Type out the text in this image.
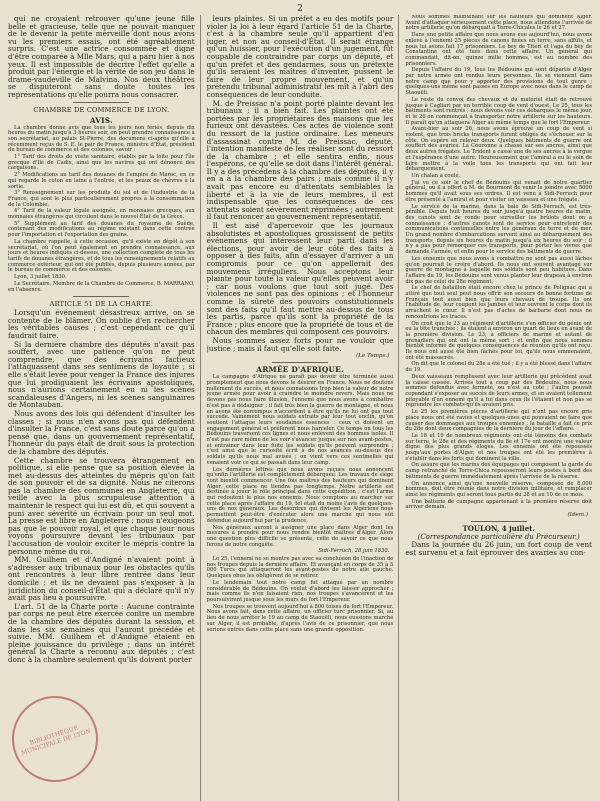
2

qui ne croyaient retrouver qu'une jeune fille belle et gracieuse, telle que ne pouvait manquer de le devenir la petite merveille dont nous avons vu les premiers essais, ont été agréablement surpris. C'est une actrice consommée et digne d'être comparée à Mlle Mars, qui a paru hier à nos yeux. Il est impossible de décrire l'effet qu'elle a produit par l'énergie et la vérité de son jeu dans le drame-vaudeville de Malvina. Nos deux théâtres se disputeront sans doute toutes les représentations qu'elle pourra nous consacrer.

CHAMBRE DE COMMERCE DE LYON.
AVIS.

La chambre donne avis que tous les jours non fériés, depuis dix heures du matin jusqu'à 3 heures soir, on peut prendre connaissance à son secrétariat, au palais St-Pierre, des documens ci-après qu'elle a récemment reçus de S. E. le pair de France, ministre d'État, président du bureau de commerce et des colonies, savoir :

1° Tarif des droits de visite sanitaire, établis par la loite pour l'île grecque d'Ile de Cadix, ainsi que les navires qui ont dénoncé des cargaisons.

2° Modifications au tarif des douanes de l'empire de Maroc, en ce qui regarde le coton en laine à l'entrée, et les peaux de chèvres à la sortie.

3° Renseignement sur les produits du sol et de l'industrie de la France, qui sont le plus particulièrement propres à la consommation de la Colombie.

4° Tarif de la valeur légale assignée, en monnaies grecques, aux monnaies étrangères qui circulent dans le nouvel État de la Grèce.

5° Supplément au tarif des douanes du royaume de Suède, contenant des modifications au régime existant dans cette contrée pour l'importation et l'exportation des grains.

La chambre rappelle, à cette occasion, qu'il existe en dépôt à son secrétariat, où l'on peut également en prendre connaissance, aux jours et heures indiqués ci-dessus, une collection complète de tous les tarifs de douanes étrangères, et de tous les renseignements relatifs au commerce extérieur, qui ont été publiés, depuis plusieurs années, par le bureau de commerce et des colonies.

Lyon, 3 juillet 1830.

Le Secrétaire, Membre de la Chambre de Commerce, B. MARRANO, en l'absence.

ARTICLE 51 DE LA CHARTE.

Lorsqu'un événement désastreux arrive, on se contente de le blâmer. On oublie d'en rechercher les véritables causes ; c'est cependant ce qu'il faudrait faire.

Si la dernière chambre des députés n'avait pas souffert, avec une patience qu'on ne peut comprendre, que des écrivains factieux l'attaquassent dans ses sentimens de loyauté ; si elle s'était levée pour venger la France des injures que lui prodiguaient les écrivains apostoliques, nous n'aurions certainement eu ni les scènes scandaleuses d'Angers, ni les scènes sanguinaires de Montauban.

Nous avons des lois qui défendent d'insulter les classes ; si nous n'en avons pas qui défendent d'insulter la France, c'est sans doute parce qu'on a pensé que, dans un gouvernement représentatif, l'honneur du pays était de droit sous la protection de la chambre des députés.

Cette chambre se trouvera étrangement en politique, si elle pense que sa position élevée la met au-dessus des atteintes du mépris qu'on fait de son pouvoir et de sa dignité. Nous ne citerons pas la chambre des communes en Angleterre, qui veille avec la plus scrupuleuse attention à maintenir le respect qui lui est dû, et qui souvent a puni avec sévérité un écrivain pour un seul mot. La presse est libre en Angleterre ; nous n'exigeons pas que le pouvoir royal, et que chaque jour nous voyons poursuivre devant les tribunaux par l'accusation de vouloir exciter le mépris contre la personne même du roi.

MM. Guilhem et d'Andigné n'avaient point à s'adresser aux tribunaux pour les obstacles qu'ils ont rencontrés à leur libre rentrée dans leur domicile ; et ils ne devaient pas s'exposer à la juridiction du conseil-d'État qui a déclaré qu'il n'y avait pas lieu à poursuivre.

L'art. 51 de la Charte porte : Aucune contrainte par corps ne peut être exercée contre un membre de la chambre des députés durant la session, et dans les six semaines qui l'auront précédée et suivie. MM. Guilhem et d'Andigné étaient en pleine jouissance du privilège ; dans un intérêt général la Charte a reconnu aux députés ; c'est donc à la chambre seulement qu'ils doivent porter

leurs plaintes. Si un préfet a eu des motifs pour violer la loi à leur égard l'article 51 de la Charte, c'est à la chambre seule qu'il appartient d'en juger, et non au conseil-d'État. Il serait étrange qu'un huissier, pour l'exécution d'un jugement, fût coupable de contraindre par corps un député, et qu'un préfet et des gendarmes, sous un prétexte qu'ils seraient les maîtres d'inventer, pussent le faire de leur propre mouvement, et qu'un prétendu tribunal administratif les mît à l'abri des conséquences de leur conduite.

M. de Preissac n'a point porté plainte devant les tribunaux ; il a bien fait. Les plaintes ont été portées par les propriétaires des maisons que les furieux ont dévastées. Ces actes de violence sont du ressort de la justice ordinaire. Les meneurs d'assassinat contre M. de Preissac, député, l'intention manifeste de les réaliser sont du ressort de la chambre ; et elle sentira enfin, nous l'espérons, ce qu'elle se doit dans l'intérêt général. Il y a des précédens à la chambre des députés, il y en a à la chambre des pairs ; mais comme il n'y avait pas encore eu d'attentats semblables la liberté et à la vie de leurs membres, il est indispensable que les conséquences de ces attentats soient sévèrement réprimées ; autrement il faut renoncer au gouvernement représentatif.

Il est aisé d'apercevoir que les journaux absolutistes et apostoliques grossissent de petits événemens qui intéressent leur parti dans les élections, pour avoir de leur côté des faits à opposer à des faits, afin d'essayer d'arriver à un compromis pour ce qu'on appellerait des mouvemens irréguliers. Nous acceptons leur plainte pour toute la valeur qu'elles peuvent avoir ; car nous voulons que tout soit jugé. Des violences ne sont pas des opinions ; et l'honneur comme la sûreté des pouvoirs constitutionnels sont des faits qu'il faut mettre au-dessus de tous les partis, parce qu'ils sont la propriété de la France ; plus encore que la propriété de tous et de chacun des membres qui composent ces pouvoirs.

Nous sommes assez forts pour ne vouloir que justice ; mais il faut qu'elle soit faite.

(Le Temps.)
ARMÉE D'AFRIQUE.

La campagne d'Afrique ne paraît pas devoir être terminée aussi promptement que nous devons le désirer en France. Nous ne doutons nullement du succès, et nous connaissons trop bien la valeur de notre jeune armée pour avoir à craindre le moindre revers. Mais nous ne devons pas nous faire illusion, l'ennemi que nous avons à combattre n'est pas à dédaigner ; il fait très bien la guerre de montagne, et nous en avons été corrompus n'accordent à être qu'ils ne lui ont pas tout succédé. Vainement nous soldats extraits par leur tout enclin, qu'on soutient l'attaque leurs soudaines essences : ceux ci doivent un engagement général et préfèrent nous harceler. Ce temps on tous les Bédouins traversent ces lignes et nous enlèvent des hommes isolés. Il n'est pas rare même de les voir s'avancer jusque sur nos avant-postes, et entrainer dans leur fuite les soldats qu'ils peuvent surprendre ; c'est ainsi que le curiosité écrit à de nos avancés au-dessus des soldats qu'ils nous mal avisés ; on vient vers ces sentinelles qui venaient voir ce qui se passait dans leur camp.

Les dernières lettres que nous avons reçues nous annoncent qu'enfin l'artillerie est complètement débarquée. Les travaux de siège vont bientôt commencer. Une fois maîtres des hauteurs qui dominent Alger, cette place ne tiendra pas longtemps. Notre artillerie est destinée à jouer le rôle principal dans cette expédition ; c'est l'arme qui redoutent le plus nos ennemis. Nous comptons au marcher sur cette place après l'affaire du 19, tel était du moins l'avis de quelques-uns de nos généraux. Les désordres qui divisent les Algériens nous permettent peut-être d'exécuter alors une marche qui nous eût défendue aujourd'hui par la prudence.

Nos généraux auront à assigner une place dans Alger dont les mesures à prendre pour nous rendre bientôt maîtres d'Alger. Alors une question plus difficile se présente, celle de savoir ce que nous ferons de notre conquête.

Sidi-Ferruch, 28 juin 1830.

Le 25, l'ennemi ne se montre pas avec sa conclusion de l'inaction de nos troupes depuis la dernière affaire. Et avançant en corps de 35 à 5 000 Turcs qui attaqueront les avant-postes de notre aile gauche. Quelques obus les obligèrent de se retirer.

Le lendemain tout notre camp fut attaqué par un nombre considérable de Bédouins. On voulut d'abord les laisser approcher ; mais comme ils n'en faisaient rien, nos troupes s'avancèrent et les poursuivirent jusque sous les murs du fort l'Empereur.

Nos troupes se trouvent aujourd'hui à 800 toises du fort l'Empereur. Nous avons fait, dans cette affaire, un officier turc prisonnier. Si, au lieu de nous arrêter le 19 au camp de Staouëli, nous eussions marché sur Alger, il est probable, d'après l'avis de ce prisonnier, que nous serions entrés dans cette place sans une grande opposition.

Nous sommes maintenant sur les hauteurs qui dominent Alger. Avant d'attaquer sérieusement cette place, nous attendons l'arrivée de notre artillerie qu'on débarquait à Torre-Chicales le 26 et 27.

Dans une petite affaire que nous avons eue aujourd'hui, nous avons enlevé à l'ennemi 25 pièces de canons fixées en terre, sans affûts, et nous lui avons fait 17 prisonniers. Le bey de Titeri et l'aga du bey de Constantine ont été tués dans cette affaire. Un général qui commandait, dit-on, quinze mille hommes, est au nombre des prisonniers.

Depuis l'affaire du 19, tous les Bédouins qui sont départis d'Alger par notre armée ont rendus leurs personnes. Ils se viennent dans notre camp que pour y apporter des provisions de tout genre ; quelques-uns même sont passés en Europe avec nous dans le camp de Staouëli.

Le reste du convoi des chevaux et du matériel était de retrouvé jusque à Cagliari par un terrible coup de vent d'ouest. Le 25, tous les bâtiments sont rentrés ; nous devons voir ces débarqués le même jour, et le 26 on commençait à transporter notre artillerie sur les hauteurs. Il paraît qu'on attaquera Alger au même temps que le fort l'Empereur.

Avant-hier au soir 26, nous avons éprouvé un coup de vent si violent, que trois bricks transports furent obligés de s'échouer sur la côte. On espère en relever deux. Quelques bâtiments de guerre ont souffert des avaries. La Couronne a chassé sur ses ancres, ainsi que deux autres frégates. Le Trident a cassé une de ses ancres à la vergue et l'espérance d'une autre. Heureusement que l'amiral a eu le soin de faire mettre à la voile tous les transports qui ont fait leur débarquement.

Un chalan a coulé.

J'ai vu ce soir le chef de Bédouins qui venait de notre quartier général, où il a offert à M. de Bourmont de venir le joindre avec 5000 hommes qu'il avait sous ses ordres. Il est venu à Sidi-Ferruch pour être présenté à l'amiral et pour visiter un vaisseau et une frégate.

Le service de la marine, dans la baie de Sidi-Ferruch, est très-pénible. Depuis huit heures du soir jusqu'à quatre heures du matin, des canots sont de ronde pour surveiller les brûlots dont on a connaissance ; d'autres canots sont de service pour entretenir des communications continuelles entre les généraux de terre et de mer. Un grand nombre d'embarcations servent ainsi au débarquement des transports, depuis six heures du matin jusqu'à six heures du soir ; il n'y a pas pour remorquer ces transports, pour porter les vivres que demande l'armée, et enfin pour le service des bâtiments de guerre.

Les ennemis que nous avons à combattre ne sont pas aussi lâches qu'on pourrait le croire d'abord. Ils nous ont souvent avantagé sur guerre de montagne à laquelle nos soldats sont peu habitués. Dans l'affaire du 19, les Bédouins sont venus planter leur drapeau à environ dix pas de celui du 28e régiment.

Le chef de bataillon était encore chez le prince de Polignac qui a attiré que tout seul peut nous offrir son secours de bonne fortune de Français tout aussi bien que leurs chevaux de troupe. Ils ont l'habitude de, leur coupent les jambes et leur ouvrent le corps dont ils arrachent le cœur. Il n'est pas d'actes de barbarie dont nous ne rencontrions les traces.

On croit que le 23 au régiment d'artillerie s'en officier du génie ont eu la tête tranchée ; ils étaient à environ un quart de lieue en avant de la première division. Le 23, à officiers de marine et autant de grenadiers qui ont ont la même sort ; et enfin que nous sommes bientôt informé de quelques conséquences de réunion qu'ils ont reçu. Ils nous ont aussi été bien fâchés pour toi, qu'ils nous emmenaient, ont été massacrés.

On dit que le colonel du 28e a été tué ; il y a été blessé dans l'affaire du 19.

Deux vaisseaux remplissent avec leur artillerie qui précèdent avait la caisse cassée. Arrivés tout à coup par des Bédouins, nous nous sommes défendus avec fermeté, ou n'est au coté ; l'autre pouvait cependant s'exposer au succès de leurs armes, et en avaient tellement pitoyable d'un ennemi qu'il a fui dans ceux ils l'étaient et non pas se reprendre les combats qu'ils avaient pris.

Le 25 les premières pièces d'artillerie qui n'ont pas encore pris place nous ont été ravies et quelques-unes qui pouvaient ne faire que causer des dommages aux troupes ennemies ; la bataille a fait ce prix du 28e dont deux compagnies de la dernière du jour de l'affaire.

Le 18 et 19 de nombreux régiments ont été témoins des combats sur terre, le 28e et des régiments du 8e et 17e ont montré une valeur digne des plus grands éloges. Les ennemis ont été repoussés jusqu'aux portes d'Alger, et nos troupes ont été les premières à s'établir dans les forts qui dominent la ville.

On assure que les marins des équipages qui composent la garde du camp retranché de Torre-Chica repousseront leurs postes à bord des bâtiments de guerre immédiatement après l'arrivée de la réserve.

On annonce ainsi qu'une nouvelle réserve, composée de 8,000 hommes, doit être réunie dans notre division militaire, et remplacer ainsi les régiments qui seront tous partis du 28 et au 10 de ce mois.

Une batterie de campagne appartenant à la première réserve doit arriver demain.

(Idem.)
TOULON, 4 juillet.
(Correspondance particulière du Précurseur.)

Dans la journée du 26 juin, un fort coup de vent est survenu et a fait éprouver des avaries au con-

BIBLIOTHÈQUE MUNICIPALE DE LYON
